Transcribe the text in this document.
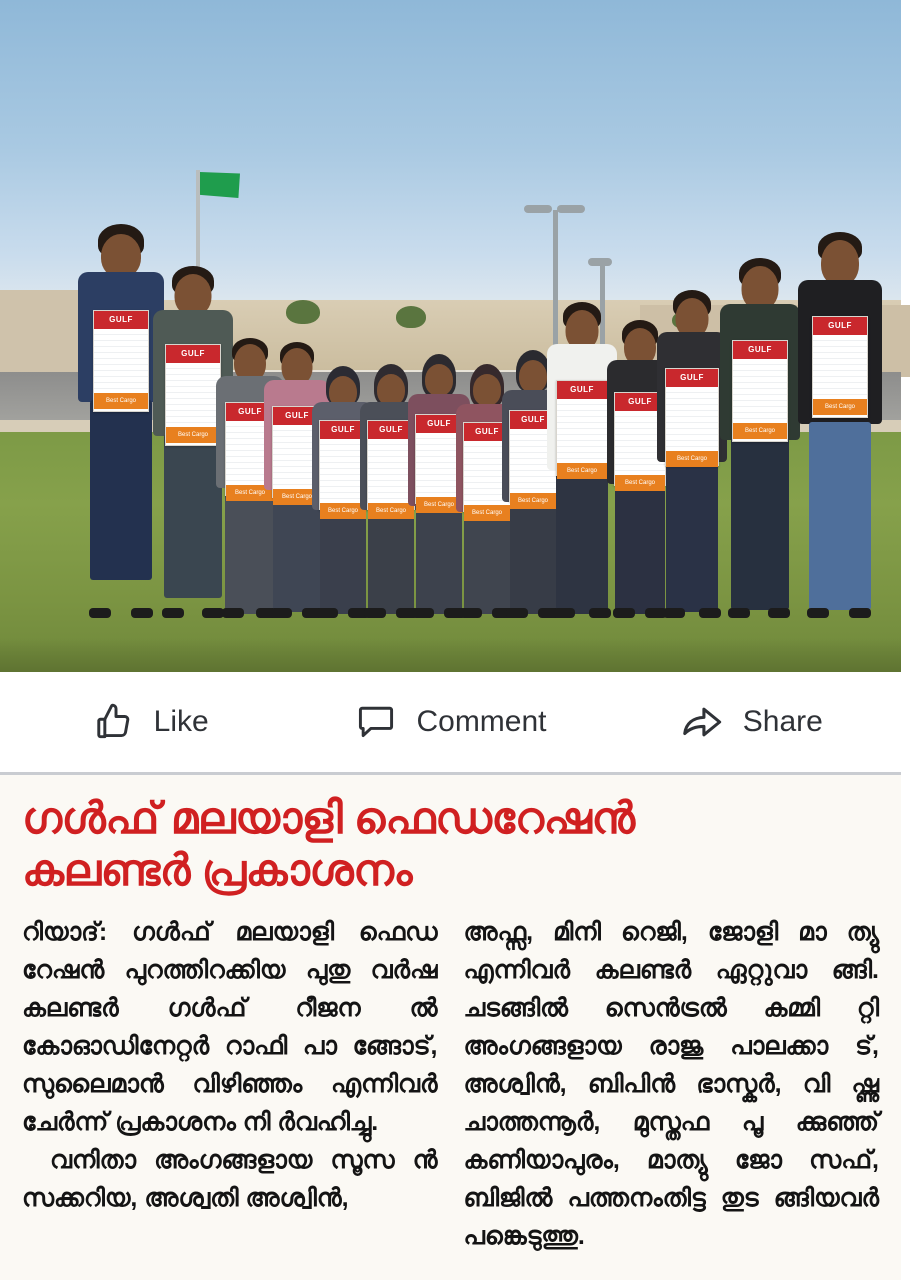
GULF
Best Cargo
GULF
Best Cargo
GULF
Best Cargo
GULF
Best Cargo
GULF
Best Cargo
GULF
Best Cargo
GULF
Best Cargo
GULF
Best Cargo
GULF
Best Cargo
GULF
Best Cargo
GULF
Best Cargo
GULF
Best Cargo
GULF
Best Cargo
GULF
Best Cargo
Like	Comment	Share
ഗൾഫ് മലയാളി ഫെഡറേഷൻ
കലണ്ടർ പ്രകാശനം

റിയാദ്: ഗൾഫ് മലയാളി ഫെഡ റേഷൻ പുറത്തിറക്കിയ പുതു വർഷ കലണ്ടർ ഗൾഫ് റീജന ൽ കോഓഡിനേറ്റർ റാഫി പാ ങ്ങോട്, സുലൈമാൻ വിഴിഞ്ഞം എന്നിവർ ചേർന്ന് പ്രകാശനം നി ർവഹിച്ചു.

വനിതാ അംഗങ്ങളായ സൂസ ൻ സക്കറിയ, അശ്വതി അശ്വിൻ,

അഫ്സ, മിനി റെജി, ജോളി മാ ത്യു എന്നിവർ കലണ്ടർ ഏറ്റുവാ ങ്ങി. ചടങ്ങിൽ സെൻട്രൽ കമ്മി റ്റി അംഗങ്ങളായ രാജു പാലക്കാ ട്, അശ്വിൻ, ബിപിൻ ഭാസ്കർ, വി ഷ്ണു ചാത്തന്നൂർ, മുസ്തഫ പൂ ക്കുഞ്ഞ് കണിയാപുരം, മാത്യു ജോ സഫ്, ബിജിൽ പത്തനംതിട്ട തുട ങ്ങിയവർ പങ്കെടുത്തു.
